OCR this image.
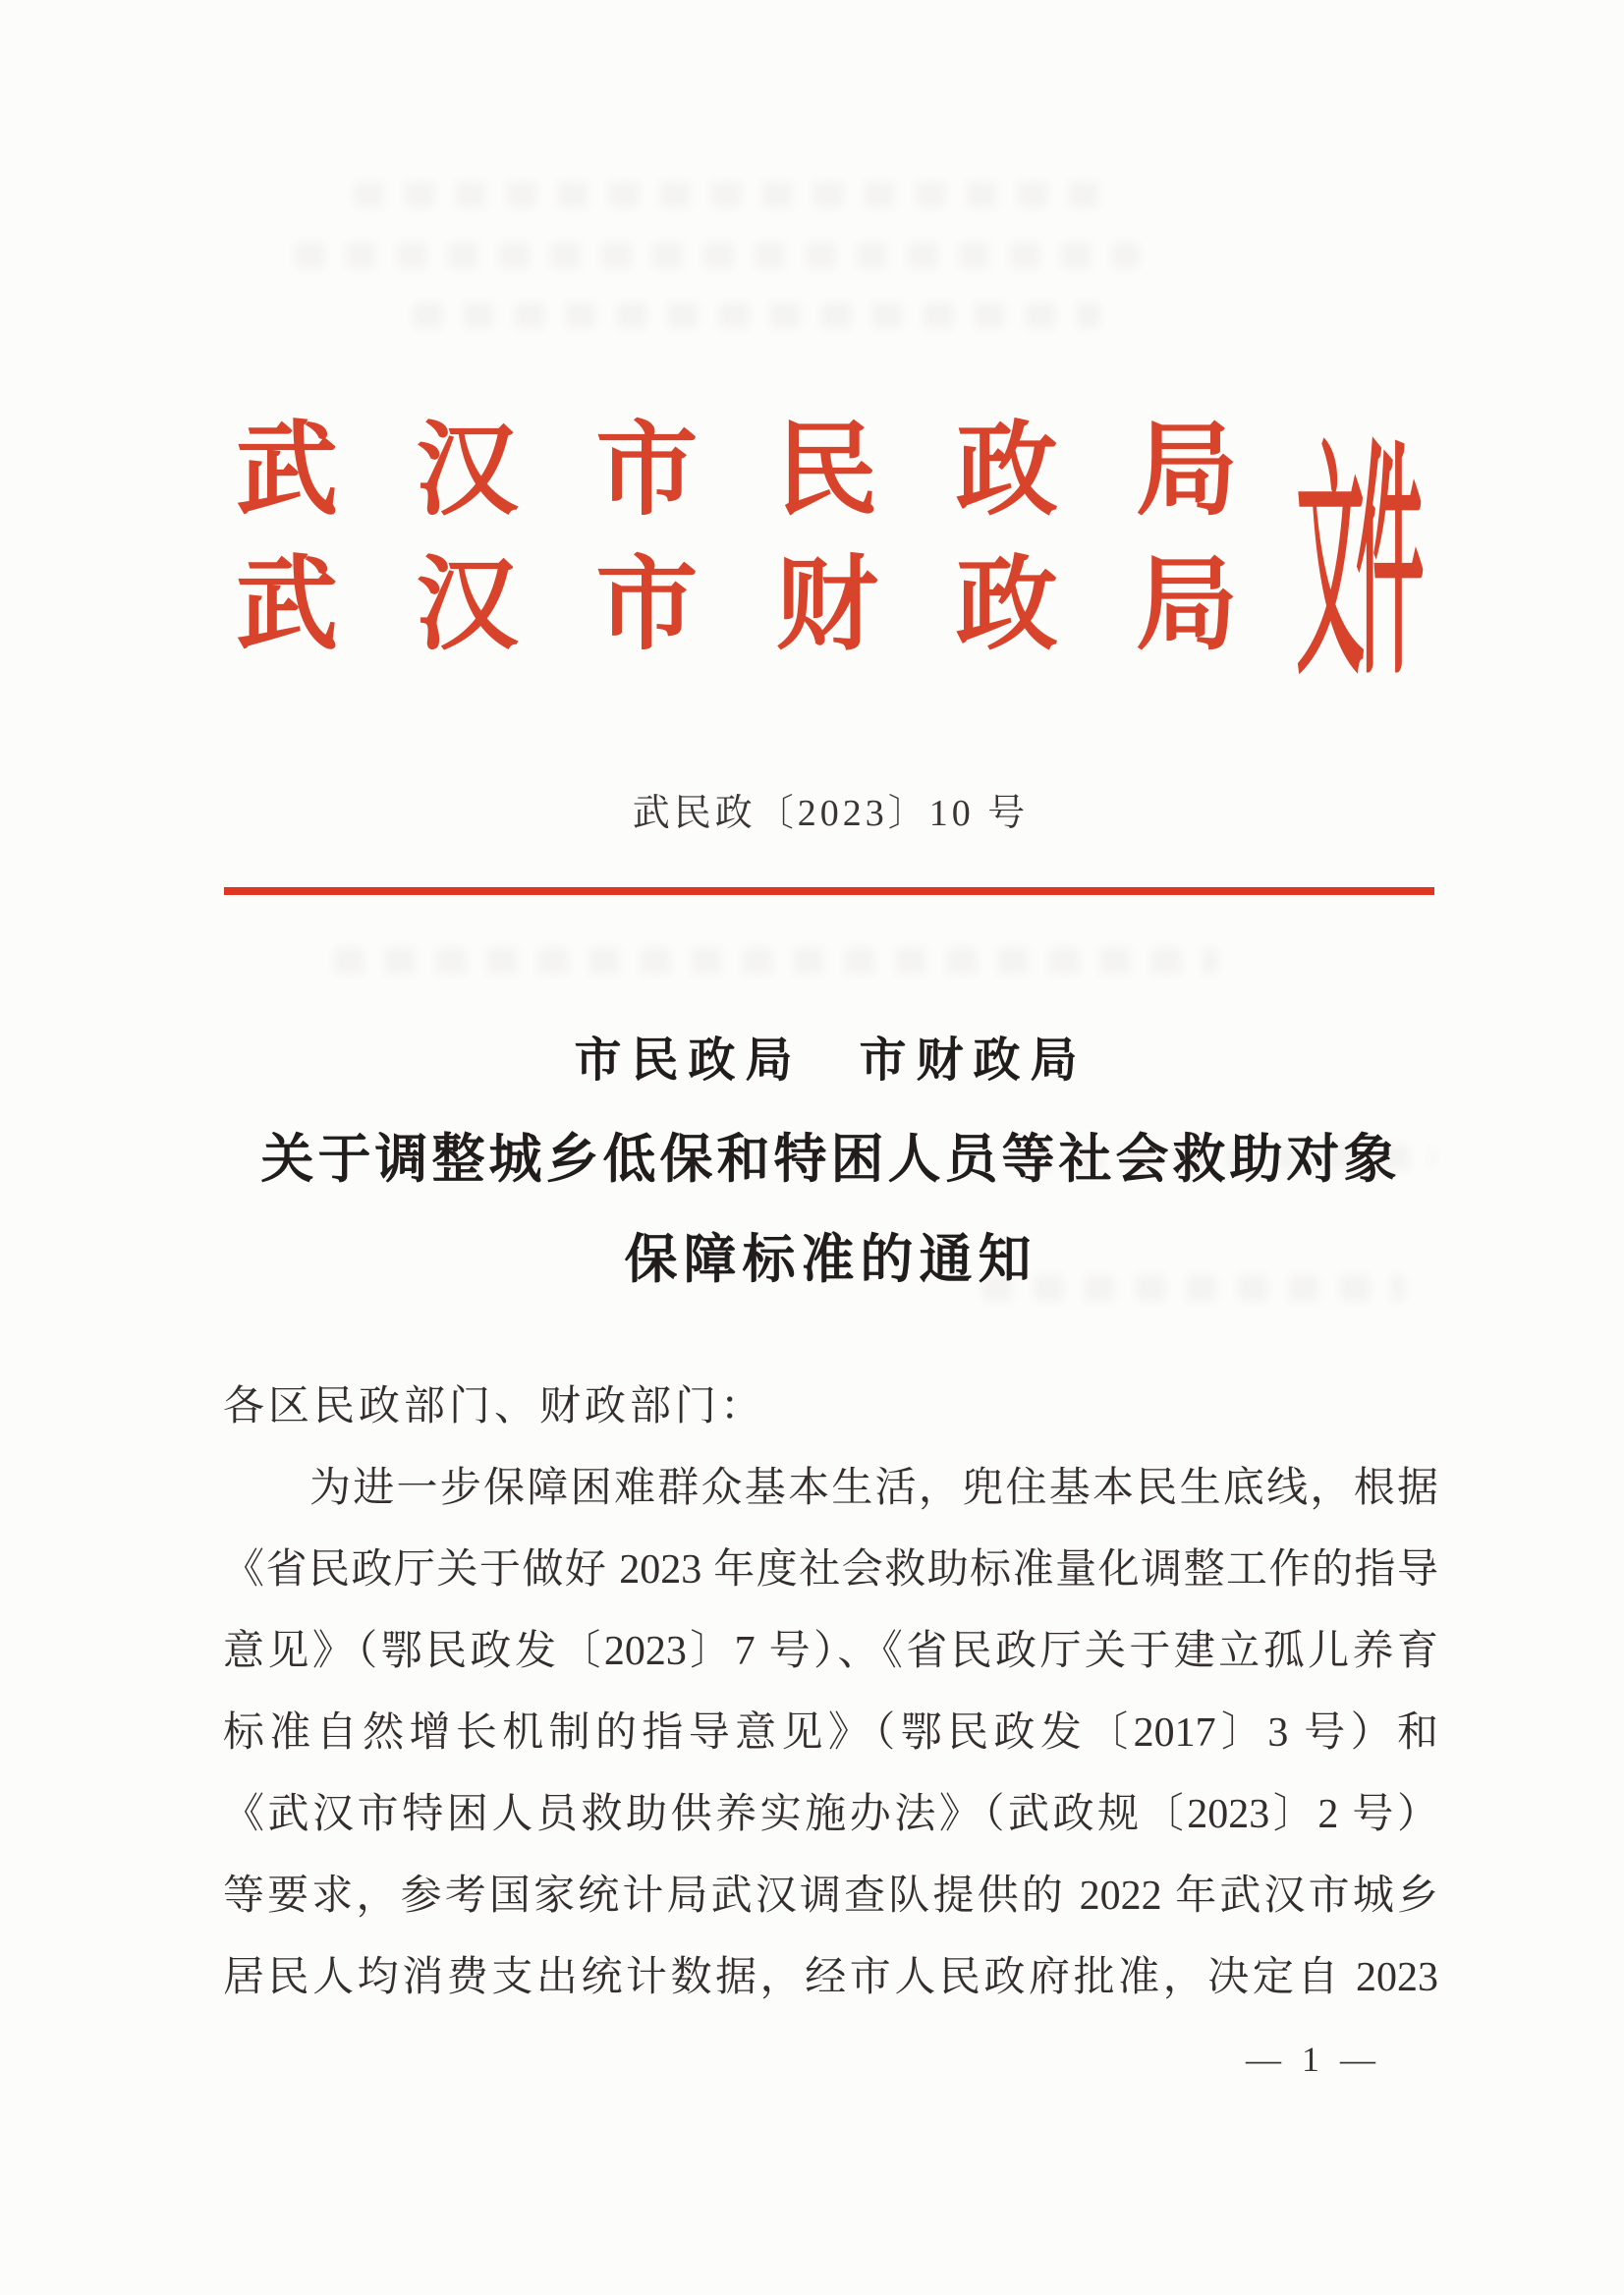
武 汉 市 民 政 局
武 汉 市 财 政 局 文件
武民政〔2023〕10 号
市民政局　市财政局
关于调整城乡低保和特困人员等社会救助对象
保障标准的通知
各区民政部门、财政部门：
为进一步保障困难群众基本生活，兜住基本民生底线，根据
《省民政厅关于做好 2023 年度社会救助标准量化调整工作的指导
意见》（鄂民政发〔2023〕7 号）、《省民政厅关于建立孤儿养育
标准自然增长机制的指导意见》（鄂民政发〔2017〕3 号）和
《武汉市特困人员救助供养实施办法》（武政规〔2023〕2 号）
等要求，参考国家统计局武汉调查队提供的 2022 年武汉市城乡
居民人均消费支出统计数据，经市人民政府批准，决定自 2023
— 1 —
